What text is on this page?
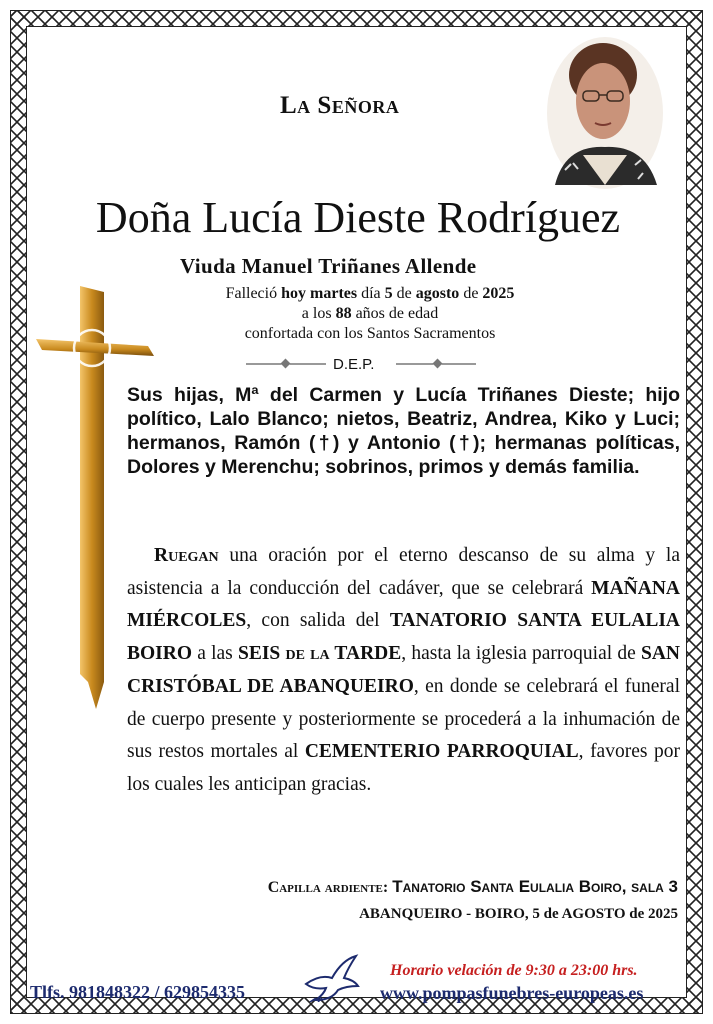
La Señora
Doña Lucía Dieste Rodríguez
Viuda Manuel Triñanes Allende
Falleció hoy martes día 5 de agosto de 2025
a los 88 años de edad
confortada con los Santos Sacramentos
D.E.P.
Sus hijas, Mª del Carmen y Lucía Triñanes Dieste; hijo político, Lalo Blanco; nietos, Beatriz, Andrea, Kiko y Luci; hermanos, Ramón (†) y Antonio (†); hermanas políticas, Dolores y Merenchu; sobrinos, primos y demás familia.
Ruegan una oración por el eterno descanso de su alma y la asistencia a la conducción del cadáver, que se celebrará MAÑANA MIÉRCOLES, con salida del TANATORIO SANTA EULALIA BOIRO a las SEIS de la TARDE, hasta la iglesia parroquial de SAN CRISTÓBAL DE ABANQUEIRO, en donde se celebrará el funeral de cuerpo presente y posteriormente se procederá a la inhumación de sus restos mortales al CEMENTERIO PARROQUIAL, favores por los cuales les anticipan gracias.
Capilla ardiente: Tanatorio Santa Eulalia Boiro, sala 3
ABANQUEIRO - BOIRO, 5 de AGOSTO de 2025
Tlfs. 981848322 / 629854335
Horario velación de 9:30 a 23:00 hrs.
www.pompasfunebres-europeas.es
